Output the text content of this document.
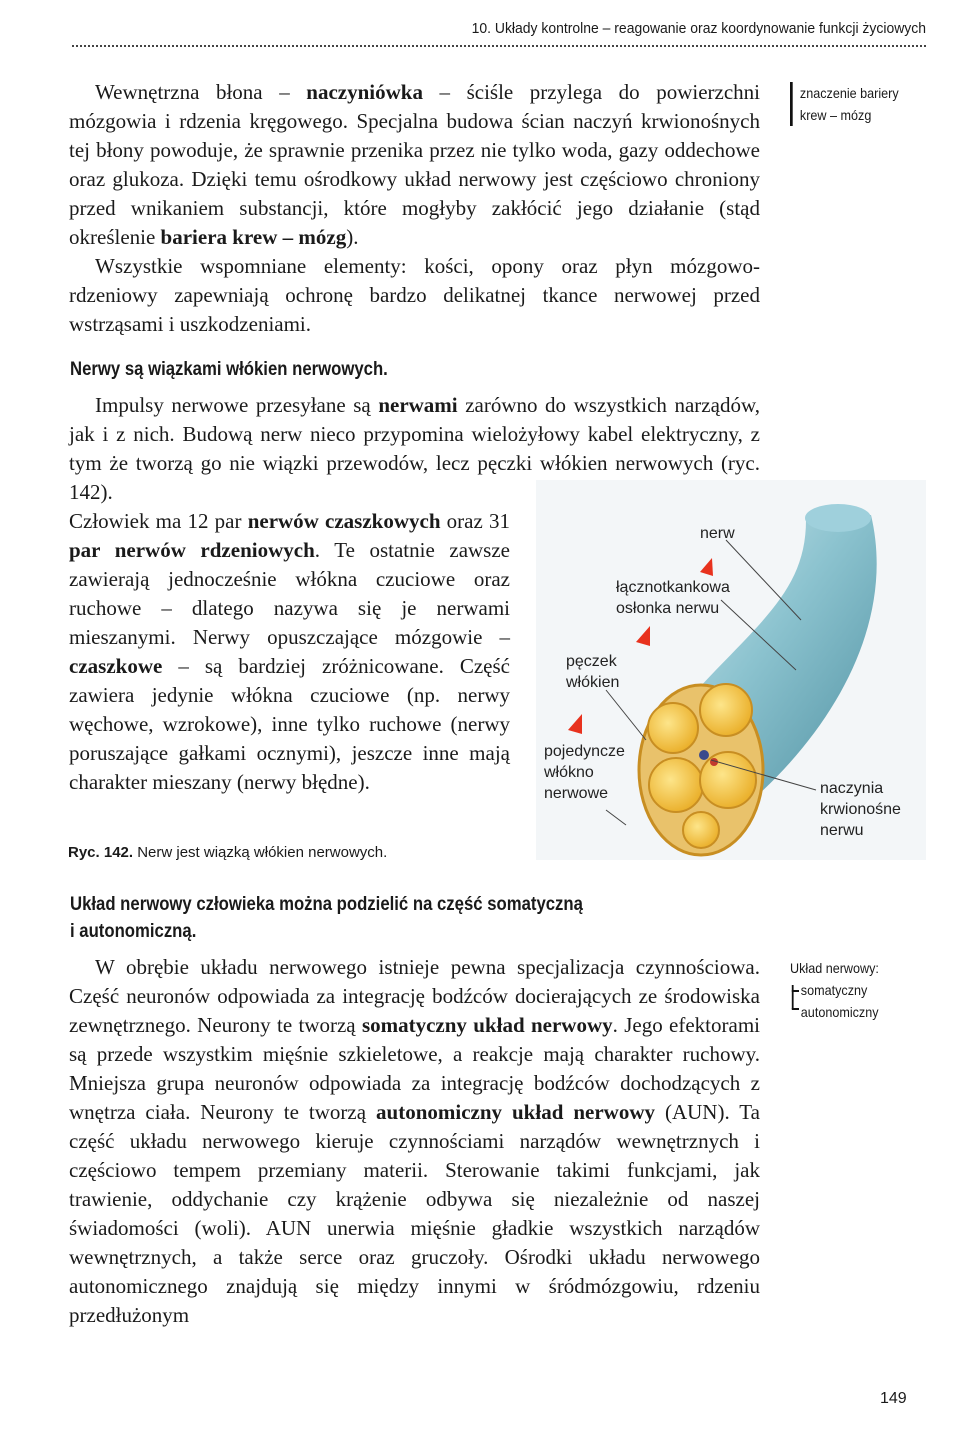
10. Układy kontrolne – reagowanie oraz koordynowanie funkcji życiowych

Wewnętrzna błona – naczyniówka – ściśle przylega do powierzchni mózgowia i rdzenia kręgowego. Specjalna budowa ścian naczyń krwionośnych tej błony powoduje, że sprawnie przenika przez nie tylko woda, gazy oddechowe oraz glukoza. Dzięki temu ośrodkowy układ nerwowy jest częściowo chroniony przed wnikaniem substancji, które mogłyby zakłócić jego działanie (stąd określenie bariera krew – mózg).

Wszystkie wspomniane elementy: kości, opony oraz płyn mózgowo-rdzeniowy zapewniają ochronę bardzo delikatnej tkance nerwowej przed wstrząsami i uszkodzeniami.

znaczenie bariery
krew – mózg
Nerwy są wiązkami włókien nerwowych.

Impulsy nerwowe przesyłane są nerwami zarówno do wszystkich narządów, jak i z nich. Budową nerw nieco przypomina wielożyłowy kabel elektryczny, z tym że tworzą go nie wiązki przewodów, lecz pęczki włókien nerwowych (ryc. 142).

Człowiek ma 12 par nerwów czaszkowych oraz 31 par nerwów rdzeniowych. Te ostatnie zawsze zawierają jednocześnie włókna czuciowe oraz ruchowe – dlatego nazywa się je nerwami mieszanymi. Nerwy opuszczające mózgowie – czaszkowe – są bardziej zróżnicowane. Część zawiera jedynie włókna czuciowe (np. nerwy węchowe, wzrokowe), inne tylko ruchowe (nerwy poruszające gałkami ocznymi), jeszcze inne mają charakter mieszany (nerwy błędne).

nerw
łącznotkankowa
osłonka nerwu
pęczek
włókien
pojedyncze
włókno
nerwowe	naczynia
krwionośne
nerwu
Ryc. 142. Nerw jest wiązką włókien nerwowych.
Układ nerwowy człowieka można podzielić na część somatyczną
i autonomiczną.
Układ nerwowy:
somatyczny
autonomiczny

W obrębie układu nerwowego istnieje pewna specjalizacja czynnościowa. Część neuronów odpowiada za integrację bodźców docierających ze środowiska zewnętrznego. Neurony te tworzą somatyczny układ nerwowy. Jego efektorami są przede wszystkim mięśnie szkieletowe, a reakcje mają charakter ruchowy. Mniejsza grupa neuronów odpowiada za integrację bodźców dochodzących z wnętrza ciała. Neurony te tworzą autonomiczny układ nerwowy (AUN). Ta część układu nerwowego kieruje czynnościami narządów wewnętrznych i częściowo tempem przemiany materii. Sterowanie takimi funkcjami, jak trawienie, oddychanie czy krążenie odbywa się niezależnie od naszej świadomości (woli). AUN unerwia mięśnie gładkie wszystkich narządów wewnętrznych, a także serce oraz gruczoły. Ośrodki układu nerwowego autonomicznego znajdują się między innymi w śródmózgowiu, rdzeniu przedłużonym

149
